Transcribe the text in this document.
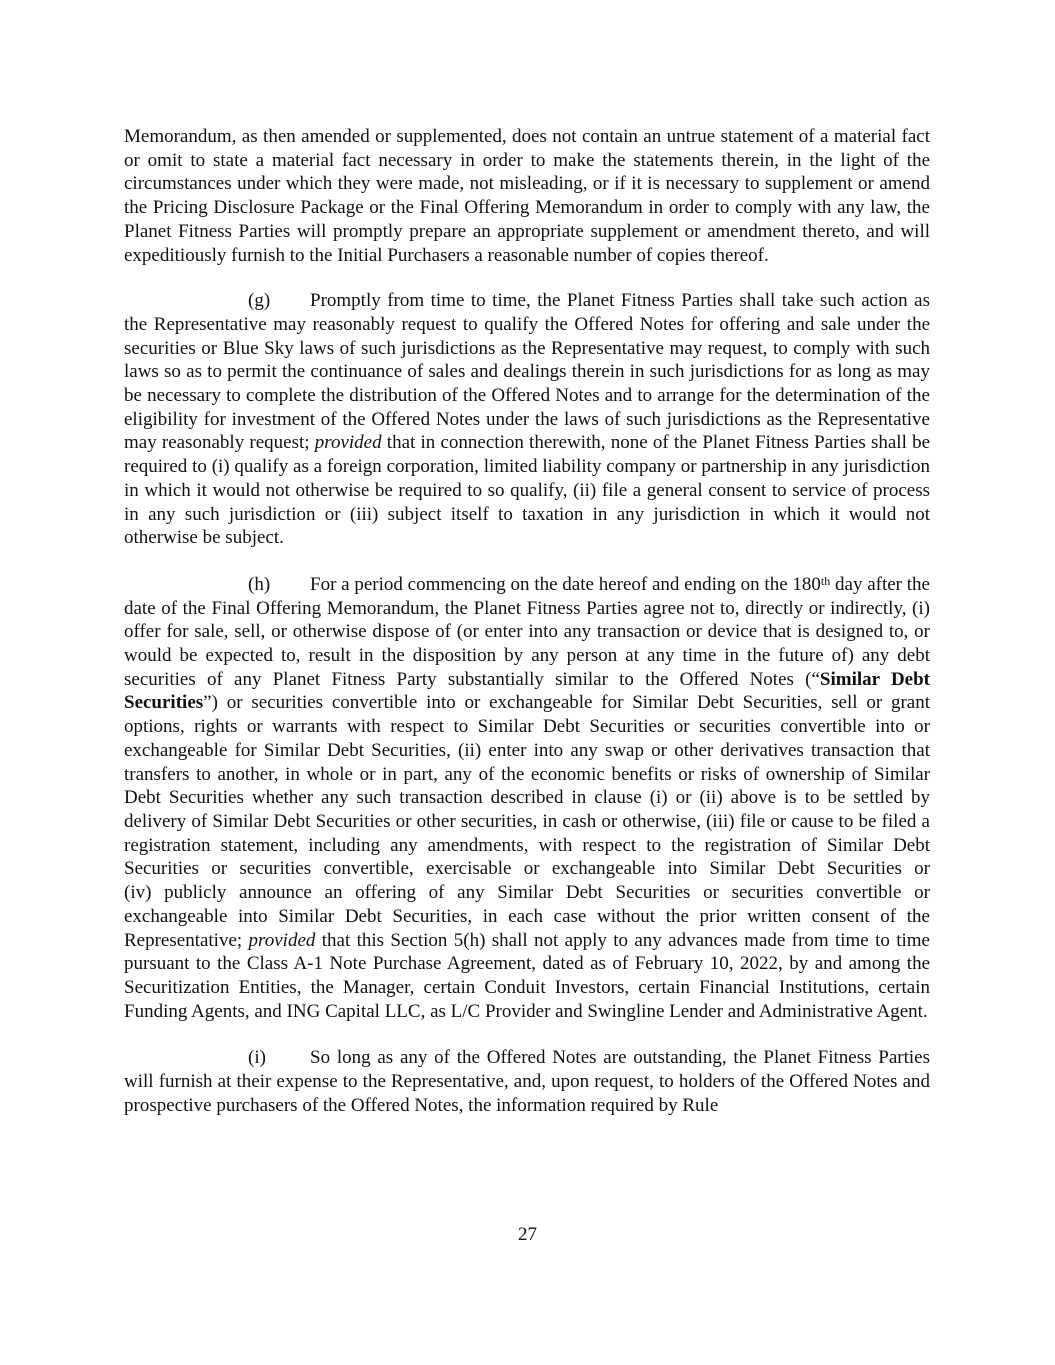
Memorandum, as then amended or supplemented, does not contain an untrue statement of a material fact or omit to state a material fact necessary in order to make the statements therein, in the light of the circumstances under which they were made, not misleading, or if it is necessary to supplement or amend the Pricing Disclosure Package or the Final Offering Memorandum in order to comply with any law, the Planet Fitness Parties will promptly prepare an appropriate supplement or amendment thereto, and will expeditiously furnish to the Initial Purchasers a reasonable number of copies thereof.

(g) Promptly from time to time, the Planet Fitness Parties shall take such action as the Representative may reasonably request to qualify the Offered Notes for offering and sale under the securities or Blue Sky laws of such jurisdictions as the Representative may request, to comply with such laws so as to permit the continuance of sales and dealings therein in such jurisdictions for as long as may be necessary to complete the distribution of the Offered Notes and to arrange for the determination of the eligibility for investment of the Offered Notes under the laws of such jurisdictions as the Representative may reasonably request; provided that in connection therewith, none of the Planet Fitness Parties shall be required to (i) qualify as a foreign corporation, limited liability company or partnership in any jurisdiction in which it would not otherwise be required to so qualify, (ii) file a general consent to service of process in any such jurisdiction or (iii) subject itself to taxation in any jurisdiction in which it would not otherwise be subject.

(h) For a period commencing on the date hereof and ending on the 180th day after the date of the Final Offering Memorandum, the Planet Fitness Parties agree not to, directly or indirectly, (i) offer for sale, sell, or otherwise dispose of (or enter into any transaction or device that is designed to, or would be expected to, result in the disposition by any person at any time in the future of) any debt securities of any Planet Fitness Party substantially similar to the Offered Notes (“Similar Debt Securities”) or securities convertible into or exchangeable for Similar Debt Securities, sell or grant options, rights or warrants with respect to Similar Debt Securities or securities convertible into or exchangeable for Similar Debt Securities, (ii) enter into any swap or other derivatives transaction that transfers to another, in whole or in part, any of the economic benefits or risks of ownership of Similar Debt Securities whether any such transaction described in clause (i) or (ii) above is to be settled by delivery of Similar Debt Securities or other securities, in cash or otherwise, (iii) file or cause to be filed a registration statement, including any amendments, with respect to the registration of Similar Debt Securities or securities convertible, exercisable or exchangeable into Similar Debt Securities or (iv) publicly announce an offering of any Similar Debt Securities or securities convertible or exchangeable into Similar Debt Securities, in each case without the prior written consent of the Representative; provided that this Section 5(h) shall not apply to any advances made from time to time pursuant to the Class A-1 Note Purchase Agreement, dated as of February 10, 2022, by and among the Securitization Entities, the Manager, certain Conduit Investors, certain Financial Institutions, certain Funding Agents, and ING Capital LLC, as L/C Provider and Swingline Lender and Administrative Agent.

(i) So long as any of the Offered Notes are outstanding, the Planet Fitness Parties will furnish at their expense to the Representative, and, upon request, to holders of the Offered Notes and prospective purchasers of the Offered Notes, the information required by Rule

27
